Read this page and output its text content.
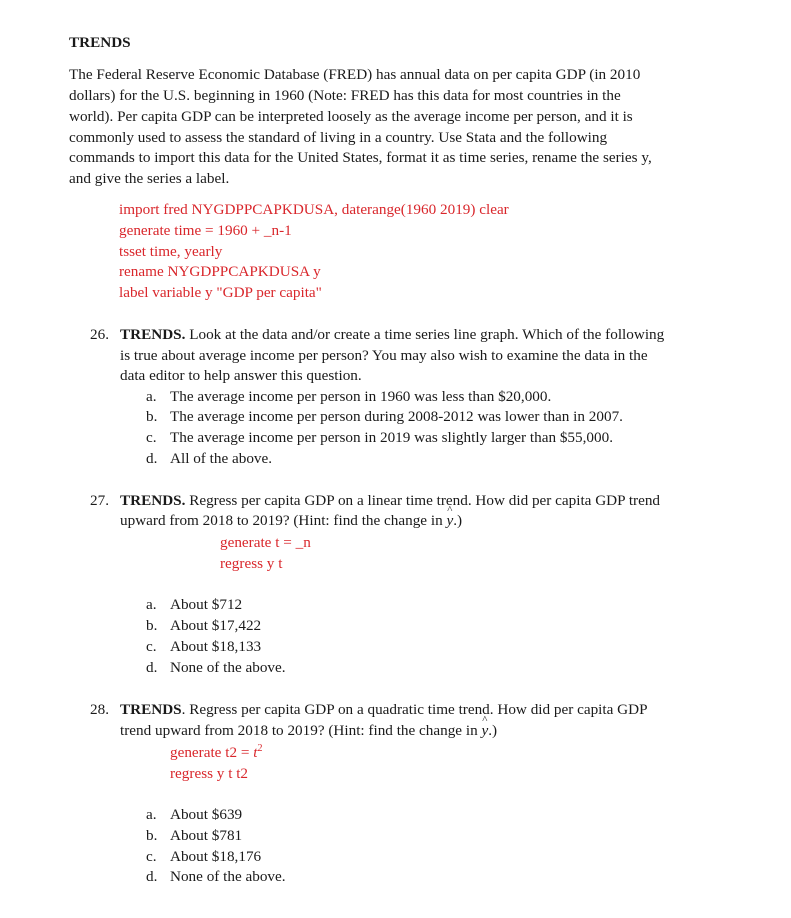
TRENDS
The Federal Reserve Economic Database (FRED) has annual data on per capita GDP (in 2010
dollars) for the U.S. beginning in 1960 (Note: FRED has this data for most countries in the
world). Per capita GDP can be interpreted loosely as the average income per person, and it is
commonly used to assess the standard of living in a country. Use Stata and the following
commands to import this data for the United States, format it as time series, rename the series y,
and give the series a label.
import fred NYGDPPCAPKDUSA, daterange(1960 2019) clear
generate time = 1960 + _n-1
tsset time, yearly
rename NYGDPPCAPKDUSA y
label variable y "GDP per capita"
26. TRENDS. Look at the data and/or create a time series line graph. Which of the following
is true about average income per person? You may also wish to examine the data in the
data editor to help answer this question.
a. The average income per person in 1960 was less than $20,000.
b. The average income per person during 2008-2012 was lower than in 2007.
c. The average income per person in 2019 was slightly larger than $55,000.
d. All of the above.
27. TRENDS. Regress per capita GDP on a linear time trend. How did per capita GDP trend
upward from 2018 to 2019? (Hint: find the change in y ^.)
generate t = _n
regress y t
a. About $712
b. About $17,422
c. About $18,133
d. None of the above.
28. TRENDS. Regress per capita GDP on a quadratic time trend. How did per capita GDP
trend upward from 2018 to 2019? (Hint: find the change in y ^.)
generate $t2 = t^2$
regress y t t2
a. About $639
b. About $781
c. About $18,176
d. None of the above.
